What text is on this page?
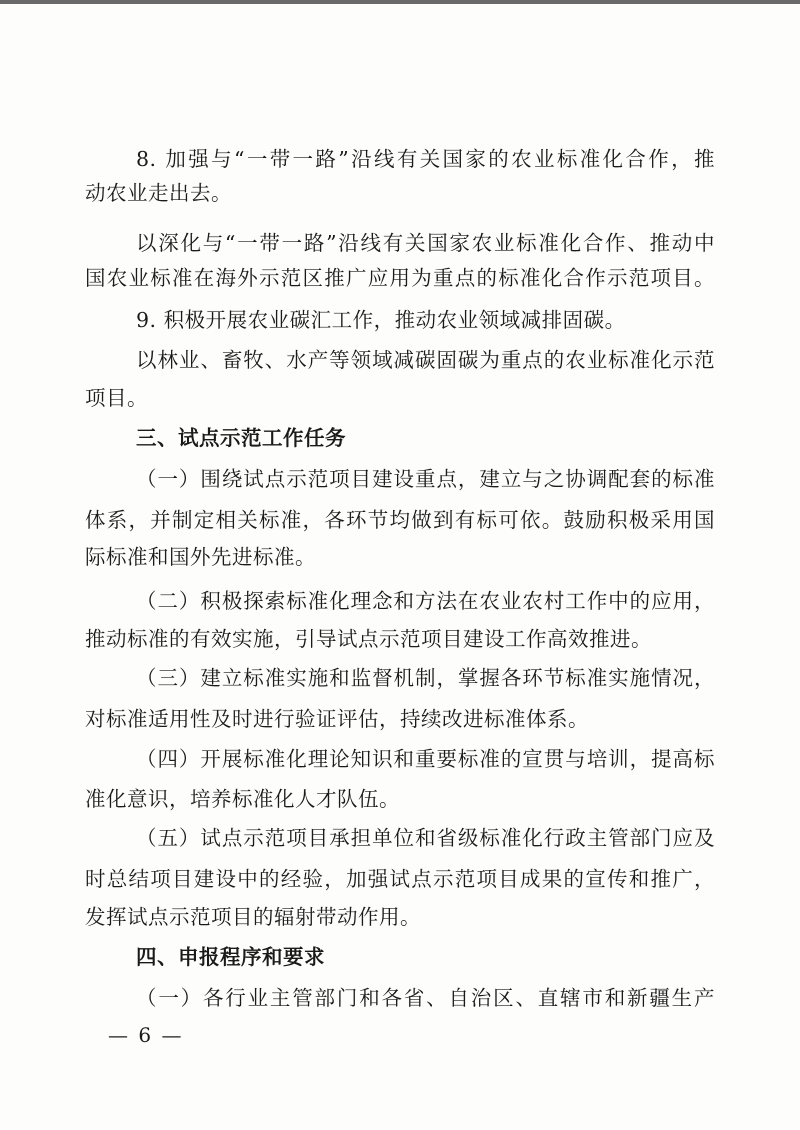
8. 加强与“一带一路”沿线有关国家的农业标准化合作，推
动农业走出去。
以深化与“一带一路”沿线有关国家农业标准化合作、推动中
国农业标准在海外示范区推广应用为重点的标准化合作示范项目。
9. 积极开展农业碳汇工作，推动农业领域减排固碳。
以林业、畜牧、水产等领域减碳固碳为重点的农业标准化示范
项目。
三、试点示范工作任务
（一）围绕试点示范项目建设重点，建立与之协调配套的标准
体系，并制定相关标准，各环节均做到有标可依。鼓励积极采用国
际标准和国外先进标准。
（二）积极探索标准化理念和方法在农业农村工作中的应用，
推动标准的有效实施，引导试点示范项目建设工作高效推进。
（三）建立标准实施和监督机制，掌握各环节标准实施情况，
对标准适用性及时进行验证评估，持续改进标准体系。
（四）开展标准化理论知识和重要标准的宣贯与培训，提高标
准化意识，培养标准化人才队伍。
（五）试点示范项目承担单位和省级标准化行政主管部门应及
时总结项目建设中的经验，加强试点示范项目成果的宣传和推广，
发挥试点示范项目的辐射带动作用。
四、申报程序和要求
（一）各行业主管部门和各省、自治区、直辖市和新疆生产
— 6 —
